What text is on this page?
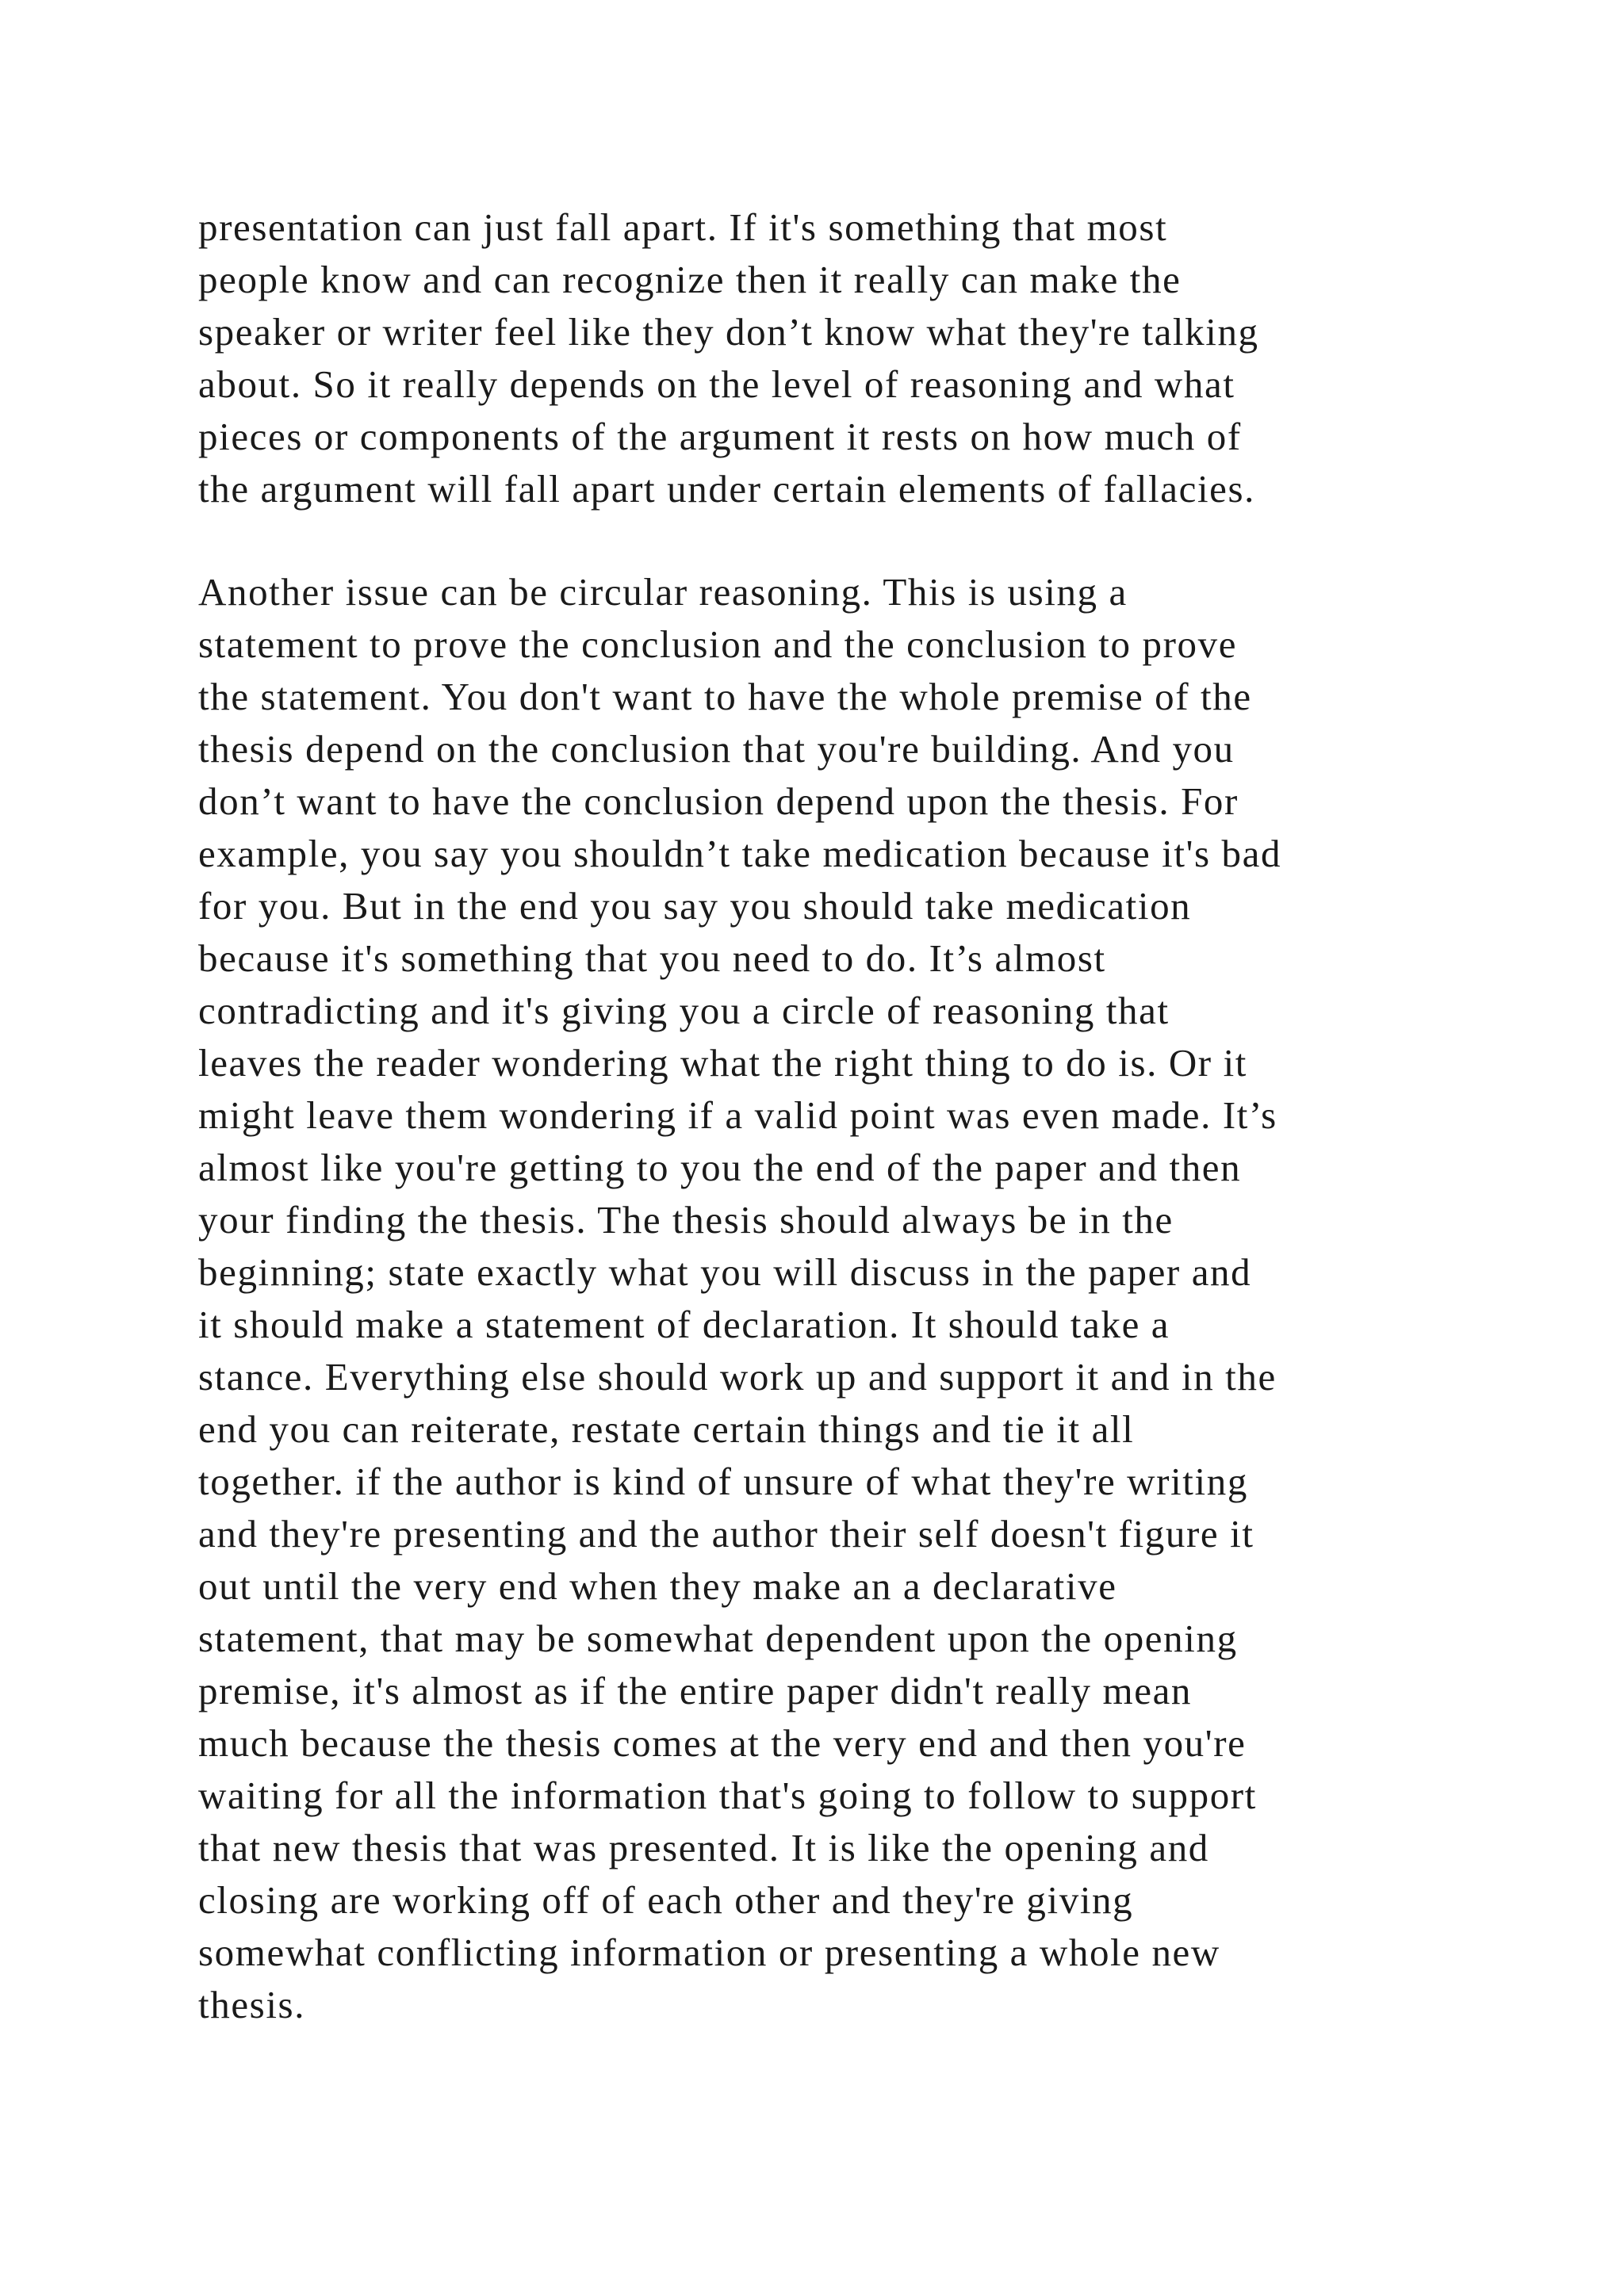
presentation can just fall apart. If it's something that most
people know and can recognize then it really can make the
speaker or writer feel like they don’t know what they're talking
about. So it really depends on the level of reasoning and what
pieces or components of the argument it rests on how much of
the argument will fall apart under certain elements of fallacies.
Another issue can be circular reasoning. This is using a
statement to prove the conclusion and the conclusion to prove
the statement. You don't want to have the whole premise of the
thesis depend on the conclusion that you're building. And you
don’t want to have the conclusion depend upon the thesis. For
example, you say you shouldn’t take medication because it's bad
for you. But in the end you say you should take medication
because it's something that you need to do. It’s almost
contradicting and it's giving you a circle of reasoning that
leaves the reader wondering what the right thing to do is. Or it
might leave them wondering if a valid point was even made. It’s
almost like you're getting to you the end of the paper and then
your finding the thesis. The thesis should always be in the
beginning; state exactly what you will discuss in the paper and
it should make a statement of declaration. It should take a
stance. Everything else should work up and support it and in the
end you can reiterate, restate certain things and tie it all
together. if the author is kind of unsure of what they're writing
and they're presenting and the author their self doesn't figure it
out until the very end when they make an a declarative
statement, that may be somewhat dependent upon the opening
premise, it's almost as if the entire paper didn't really mean
much because the thesis comes at the very end and then you're
waiting for all the information that's going to follow to support
that new thesis that was presented. It is like the opening and
closing are working off of each other and they're giving
somewhat conflicting information or presenting a whole new
thesis.
